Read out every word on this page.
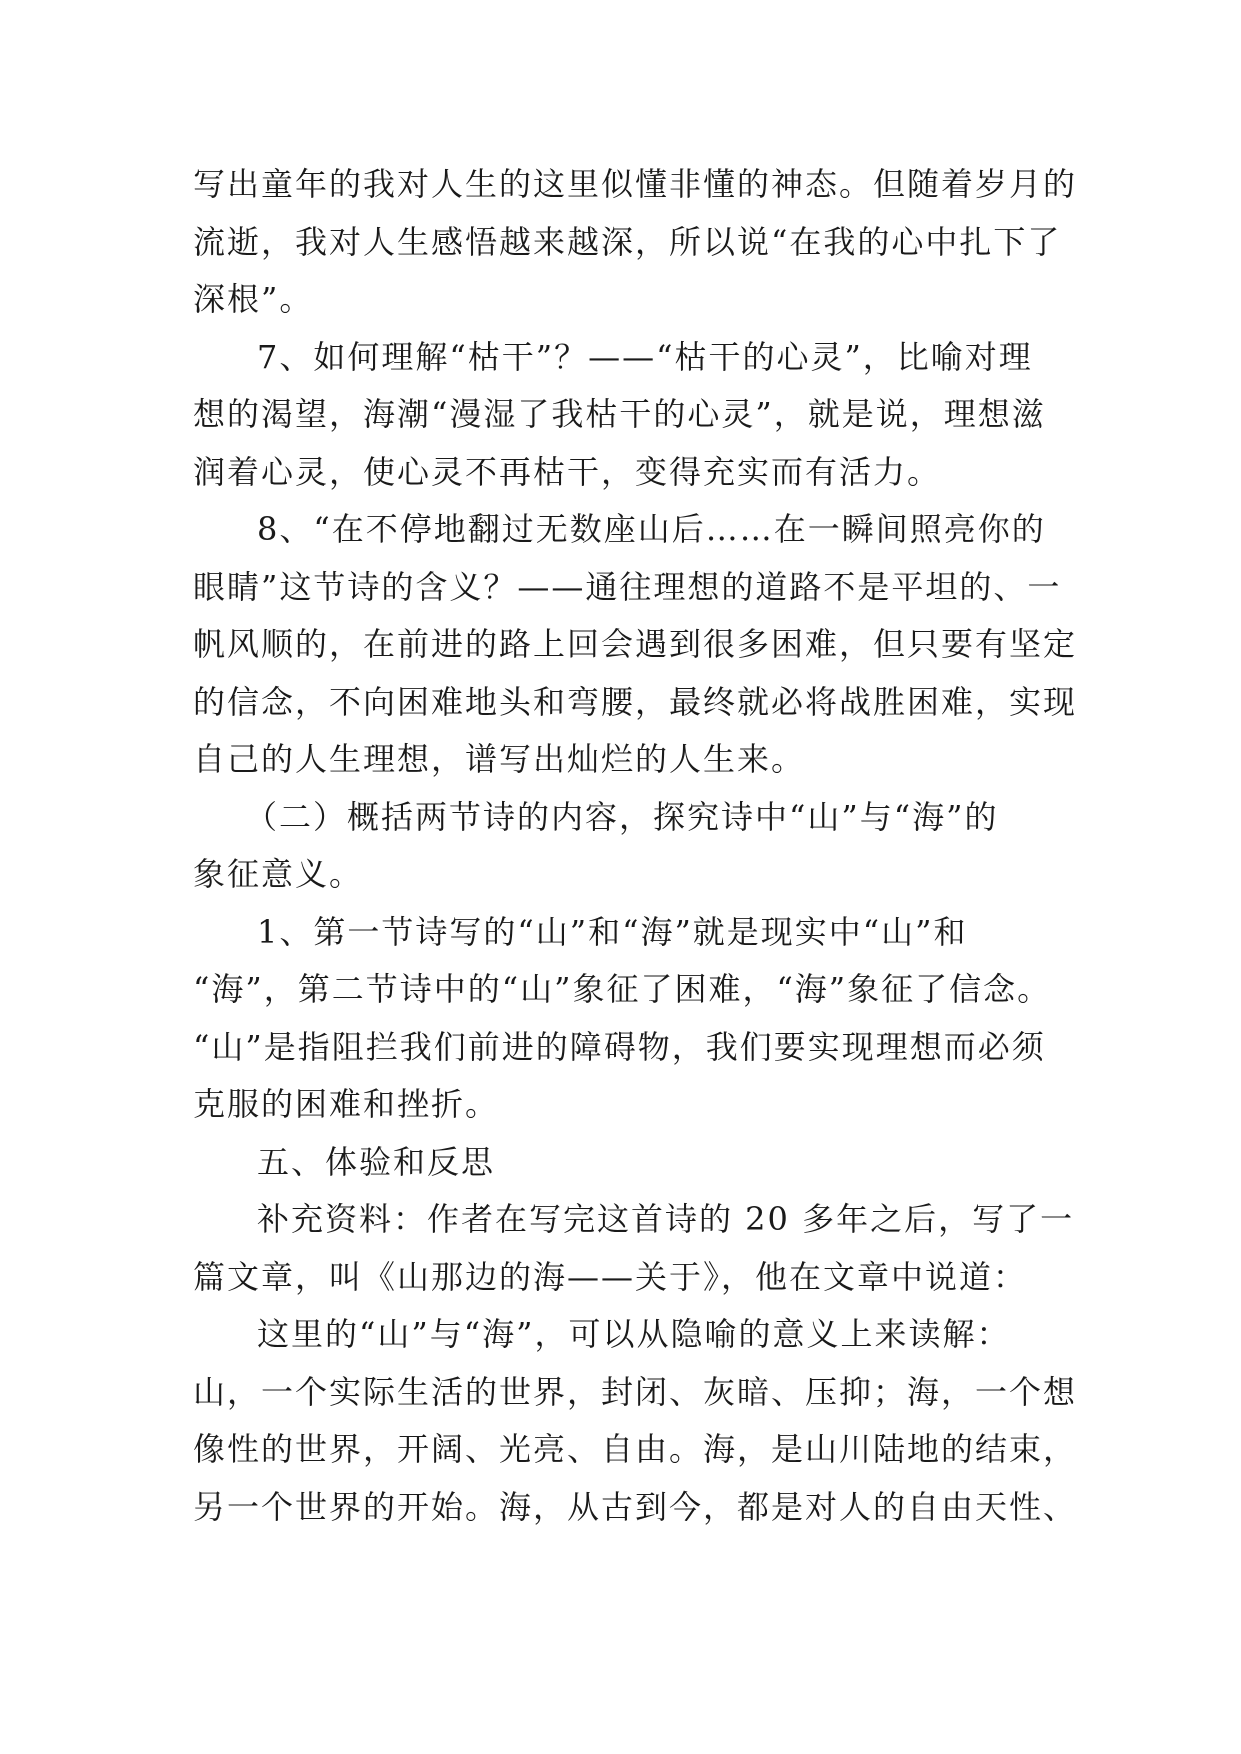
写出童年的我对人生的这里似懂非懂的神态。但随着岁月的
流逝，我对人生感悟越来越深，所以说“在我的心中扎下了
深根”。
7、如何理解“枯干”？——“枯干的心灵”，比喻对理
想的渴望，海潮“漫湿了我枯干的心灵”，就是说，理想滋
润着心灵，使心灵不再枯干，变得充实而有活力。
8、“在不停地翻过无数座山后……在一瞬间照亮你的
眼睛”这节诗的含义？——通往理想的道路不是平坦的、一
帆风顺的，在前进的路上回会遇到很多困难，但只要有坚定
的信念，不向困难地头和弯腰，最终就必将战胜困难，实现
自己的人生理想，谱写出灿烂的人生来。
（二）概括两节诗的内容，探究诗中“山”与“海”的
象征意义。
1、第一节诗写的“山”和“海”就是现实中“山”和
“海”，第二节诗中的“山”象征了困难，“海”象征了信念。
“山”是指阻拦我们前进的障碍物，我们要实现理想而必须
克服的困难和挫折。
五、体验和反思
补充资料：作者在写完这首诗的 20 多年之后，写了一
篇文章，叫《山那边的海——关于》，他在文章中说道：
这里的“山”与“海”，可以从隐喻的意义上来读解：
山，一个实际生活的世界，封闭、灰暗、压抑；海，一个想
像性的世界，开阔、光亮、自由。海，是山川陆地的结束，
另一个世界的开始。海，从古到今，都是对人的自由天性、
